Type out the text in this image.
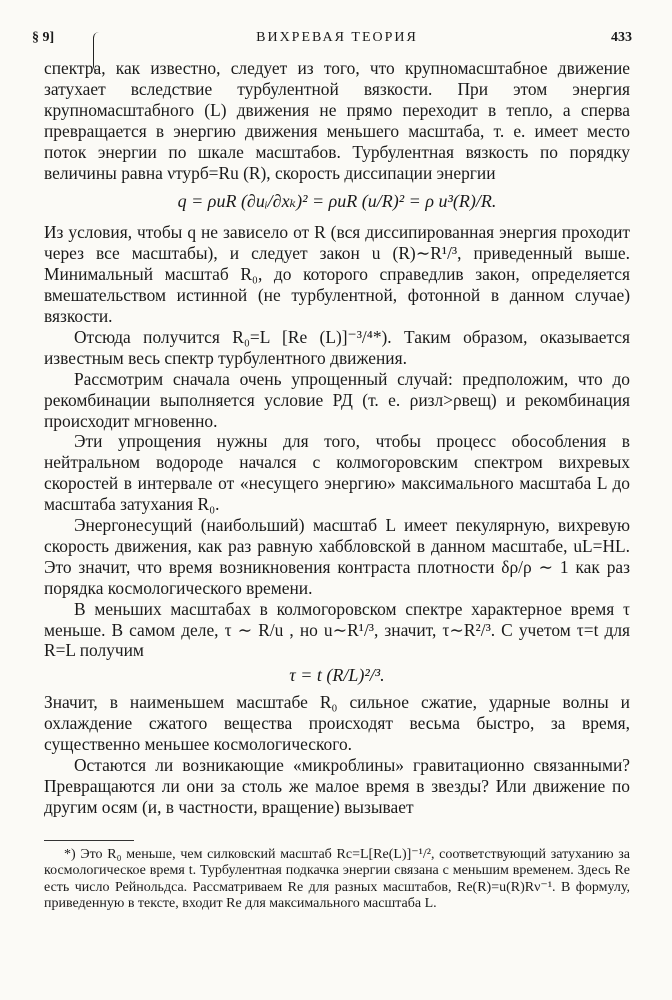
§ 9]	ВИХРЕВАЯ ТЕОРИЯ	433

спектра, как известно, следует из того, что крупномасштабное движение затухает вследствие турбулентной вязкости. При этом энергия крупномасштабного (L) движения не прямо переходит в тепло, а сперва превращается в энергию движения меньшего масштаба, т. е. имеет место поток энергии по шкале масштабов. Турбулентная вязкость по порядку величины равна νтурб=Ru (R), скорость диссипации энергии

q = ρuR (∂uᵢ/∂xₖ)² = ρuR (u/R)² = ρ u³(R)/R.

Из условия, чтобы q не зависело от R (вся диссипированная энергия проходит через все масштабы), и следует закон u (R)∼R¹/³, приведенный выше. Минимальный масштаб R₀, до которого справедлив закон, определяется вмешательством истинной (не турбулентной, фотонной в данном случае) вязкости.

Отсюда получится R₀=L [Re (L)]⁻³/⁴*). Таким образом, оказывается известным весь спектр турбулентного движения.

Рассмотрим сначала очень упрощенный случай: предположим, что до рекомбинации выполняется условие РД (т. е. ρизл>ρвещ) и рекомбинация происходит мгновенно.

Эти упрощения нужны для того, чтобы процесс обособления в нейтральном водороде начался с колмогоровским спектром вихревых скоростей в интервале от «несущего энергию» максимального масштаба L до масштаба затухания R₀.

Энергонесущий (наибольший) масштаб L имеет пекулярную, вихревую скорость движения, как раз равную хаббловской в данном масштабе, uL=HL. Это значит, что время возникновения контраста плотности δρ/ρ ∼ 1 как раз порядка космологического времени.

В меньших масштабах в колмогоровском спектре характерное время τ меньше. В самом деле, τ ∼ R/u , но u∼R¹/³, значит, τ∼R²/³. С учетом τ=t для R=L получим

τ = t (R/L)²/³.

Значит, в наименьшем масштабе R₀ сильное сжатие, ударные волны и охлаждение сжатого вещества происходят весьма быстро, за время, существенно меньшее космологического.

Остаются ли возникающие «микроблины» гравитационно связанными? Превращаются ли они за столь же малое время в звезды? Или движение по другим осям (и, в частности, вращение) вызывает

*) Это R₀ меньше, чем силковский масштаб Rс=L[Re(L)]⁻¹/², соответствующий затуханию за космологическое время t. Турбулентная подкачка энергии связана с меньшим временем. Здесь Re есть число Рейнольдса. Рассматриваем Re для разных масштабов, Re(R)=u(R)Rν⁻¹. В формулу, приведенную в тексте, входит Re для максимального масштаба L.
